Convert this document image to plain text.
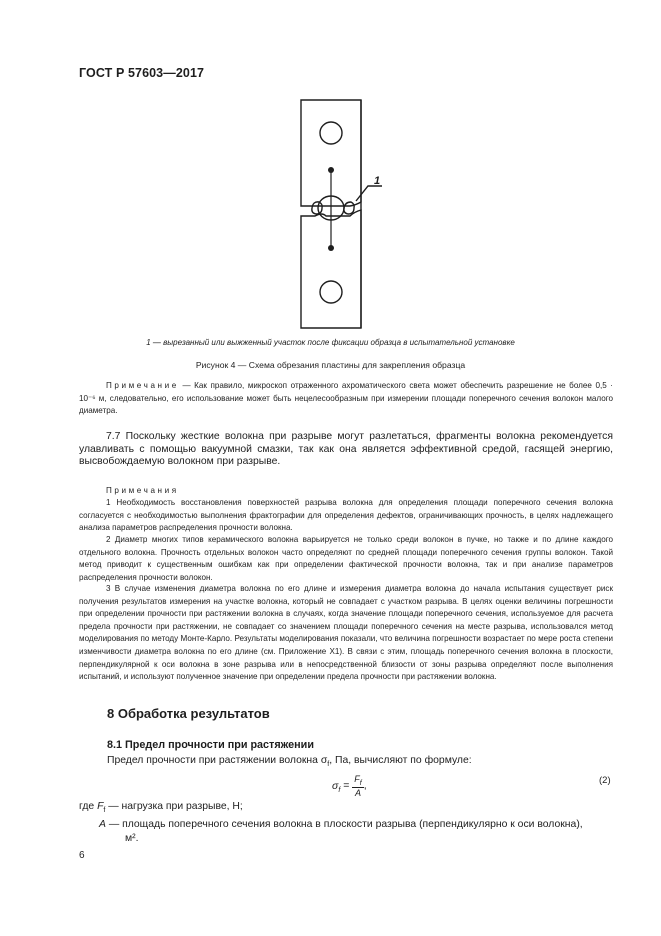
ГОСТ Р 57603—2017
1
1 — вырезанный или выжженный участок после фиксации образца в испытательной установке
Рисунок 4 — Схема обрезания пластины для закрепления образца
Примечание — Как правило, микроскоп отраженного ахроматического света может обеспечить разрешение не более 0,5 · 10⁻⁶ м, следовательно, его использование может быть нецелесообразным при измерении площади поперечного сечения волокон малого диаметра.
7.7 Поскольку жесткие волокна при разрыве могут разлетаться, фрагменты волокна рекомендуется улавливать с помощью вакуумной смазки, так как она является эффективной средой, гасящей энергию, высвобождаемую волокном при разрыве.
Примечания
1 Необходимость восстановления поверхностей разрыва волокна для определения площади поперечного сечения волокна согласуется с необходимостью выполнения фрактографии для определения дефектов, ограничивающих прочность, в целях надлежащего анализа параметров распределения прочности волокна.
2 Диаметр многих типов керамического волокна варьируется не только среди волокон в пучке, но также и по длине каждого отдельного волокна. Прочность отдельных волокон часто определяют по средней площади поперечного сечения группы волокон. Такой метод приводит к существенным ошибкам как при определении фактической прочности волокна, так и при анализе параметров распределения прочности волокон.
3 В случае изменения диаметра волокна по его длине и измерения диаметра волокна до начала испытания существует риск получения результатов измерения на участке волокна, который не совпадает с участком разрыва. В целях оценки величины погрешности при определении прочности при растяжении волокна в случаях, когда значение площади поперечного сечения, используемое для расчета предела прочности при растяжении, не совпадает со значением площади поперечного сечения на месте разрыва, использовался метод моделирования по методу Монте-Карло. Результаты моделирования показали, что величина погрешности возрастает по мере роста степени изменчивости диаметра волокна по его длине (см. Приложение X1). В связи с этим, площадь поперечного сечения волокна в плоскости, перпендикулярной к оси волокна в зоне разрыва или в непосредственной близости от зоны разрыва определяют после выполнения испытаний, и используют полученное значение при определении предела прочности при растяжении волокна.
8 Обработка результатов
8.1 Предел прочности при растяжении
Предел прочности при растяжении волокна $\sigma_f$, Па, вычисляют по формуле:
$\sigma_f = \frac{F_f}{A}$ ,	(2)
где $F_f$ — нагрузка при разрыве, Н;
A — площадь поперечного сечения волокна в плоскости разрыва (перпендикулярно к оси волокна),
м².
6
